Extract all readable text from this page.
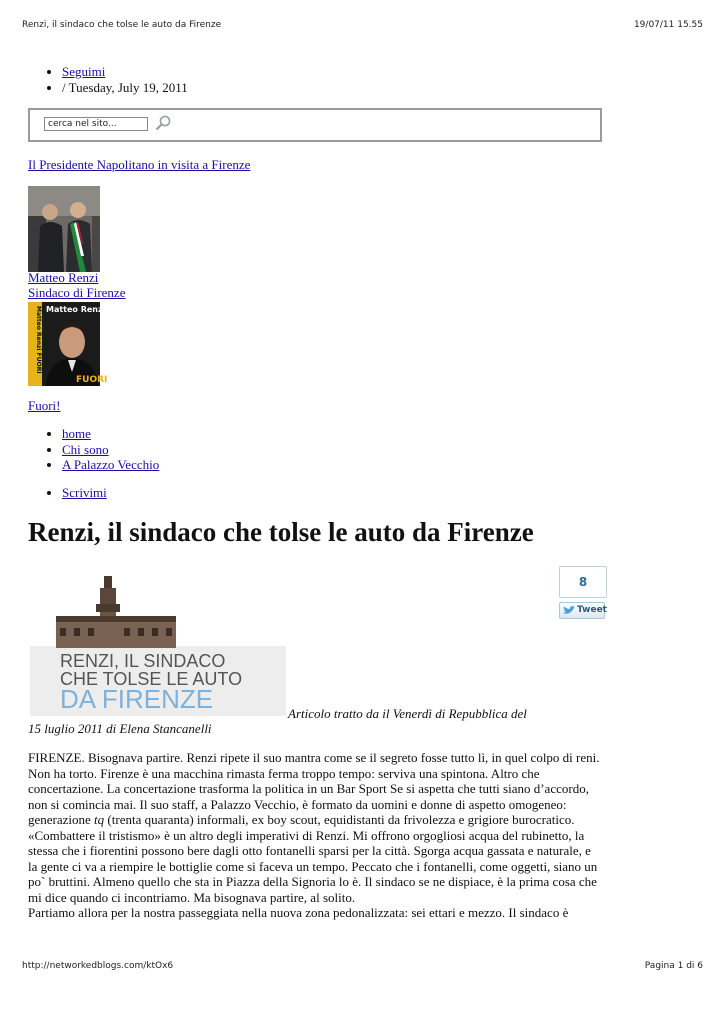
Renzi, il sindaco che tolse le auto da Firenze	19/07/11 15.55
• Seguimi
• / Tuesday, July 19, 2011
cerca nel sito...
Il Presidente Napolitano in visita a Firenze
Matteo Renzi
Sindaco di Firenze
Matteo Renzi FUORI Matteo Renzi
FUORI
Fuori!
• home
• Chi sono
• A Palazzo Vecchio
• Scrivimi
Renzi, il sindaco che tolse le auto da Firenze
8
Tweet
RENZI, IL SINDACO
CHE TOLSE LE AUTO
DA FIRENZE	Articolo tratto da il Venerdì di Repubblica del
15 luglio 2011 di Elena Stancanelli

FIRENZE. Bisognava partire. Renzi ripete il suo mantra come se il segreto fosse tutto lì, in quel colpo di reni. Non ha torto. Firenze è una macchina rimasta ferma troppo tempo: serviva una spintona. Altro che concertazione. La concertazione trasforma la politica in un Bar Sport Se si aspetta che tutti siano d’accordo, non si comincia mai. Il suo staff, a Palazzo Vecchio, è formato da uomini e donne di aspetto omogeneo: generazione tq (trenta quaranta) informali, ex boy scout, equidistanti da frivolezza e grigiore burocratico. «Combattere il tristismo» è un altro degli imperativi di Renzi. Mi offrono orgogliosi acqua del rubinetto, la stessa che i fiorentini possono bere dagli otto fontanelli sparsi per la città. Sgorga acqua gassata e naturale, e la gente ci va a riempire le bottiglie come si faceva un tempo. Peccato che i fontanelli, come oggetti, siano un po` bruttini. Almeno quello che sta in Piazza della Signoria lo è. Il sindaco se ne dispiace, è la prima cosa che mi dice quando ci incontriamo. Ma bisognava partire, al solito.

Partiamo allora per la nostra passeggiata nella nuova zona pedonalizzata: sei ettari e mezzo. Il sindaco è

http://networkedblogs.com/ktOx6	Pagina 1 di 6
